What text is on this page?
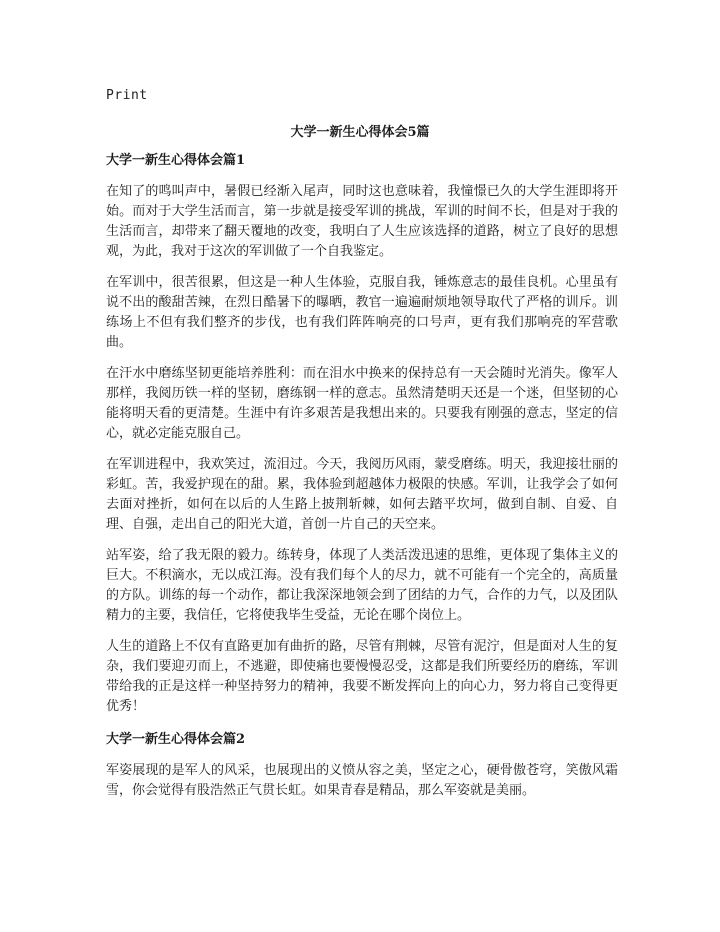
Print
大学一新生心得体会5篇
大学一新生心得体会篇1

在知了的鸣叫声中，暑假已经渐入尾声，同时这也意味着，我憧憬已久的大学生涯即将开始。而对于大学生活而言，第一步就是接受军训的挑战，军训的时间不长，但是对于我的生活而言，却带来了翻天覆地的改变，我明白了人生应该选择的道路，树立了良好的思想观，为此，我对于这次的军训做了一个自我鉴定。

在军训中，很苦很累，但这是一种人生体验，克服自我，锤炼意志的最佳良机。心里虽有说不出的酸甜苦辣，在烈日酷暑下的曝晒，教官一遍遍耐烦地领导取代了严格的训斥。训练场上不但有我们整齐的步伐，也有我们阵阵响亮的口号声，更有我们那响亮的军营歌曲。

在汗水中磨练坚韧更能培养胜利：而在泪水中换来的保持总有一天会随时光消失。像军人那样，我阅历铁一样的坚韧，磨练钢一样的意志。虽然清楚明天还是一个迷，但坚韧的心能将明天看的更清楚。生涯中有许多艰苦是我想出来的。只要我有刚强的意志，坚定的信心，就必定能克服自己。

在军训进程中，我欢笑过，流泪过。今天，我阅历风雨，蒙受磨练。明天，我迎接壮丽的彩虹。苦，我爱护现在的甜。累，我体验到超越体力极限的快感。军训，让我学会了如何去面对挫折，如何在以后的人生路上披荆斩棘，如何去踏平坎坷，做到自制、自爱、自理、自强，走出自己的阳光大道，首创一片自己的天空来。

站军姿，给了我无限的毅力。练转身，体现了人类活泼迅速的思维，更体现了集体主义的巨大。不积滴水，无以成江海。没有我们每个人的尽力，就不可能有一个完全的，高质量的方队。训练的每一个动作，都让我深深地领会到了团结的力气，合作的力气，以及团队精力的主要，我信任，它将使我毕生受益，无论在哪个岗位上。

人生的道路上不仅有直路更加有曲折的路，尽管有荆棘，尽管有泥泞，但是面对人生的复杂，我们要迎刃而上，不逃避，即使痛也要慢慢忍受，这都是我们所要经历的磨练，军训带给我的正是这样一种坚持努力的精神，我要不断发挥向上的向心力，努力将自己变得更优秀！

大学一新生心得体会篇2

军姿展现的是军人的风采，也展现出的义愤从容之美，坚定之心，硬骨傲苍穹，笑傲风霜雪，你会觉得有股浩然正气贯长虹。如果青春是精品，那么军姿就是美丽。
